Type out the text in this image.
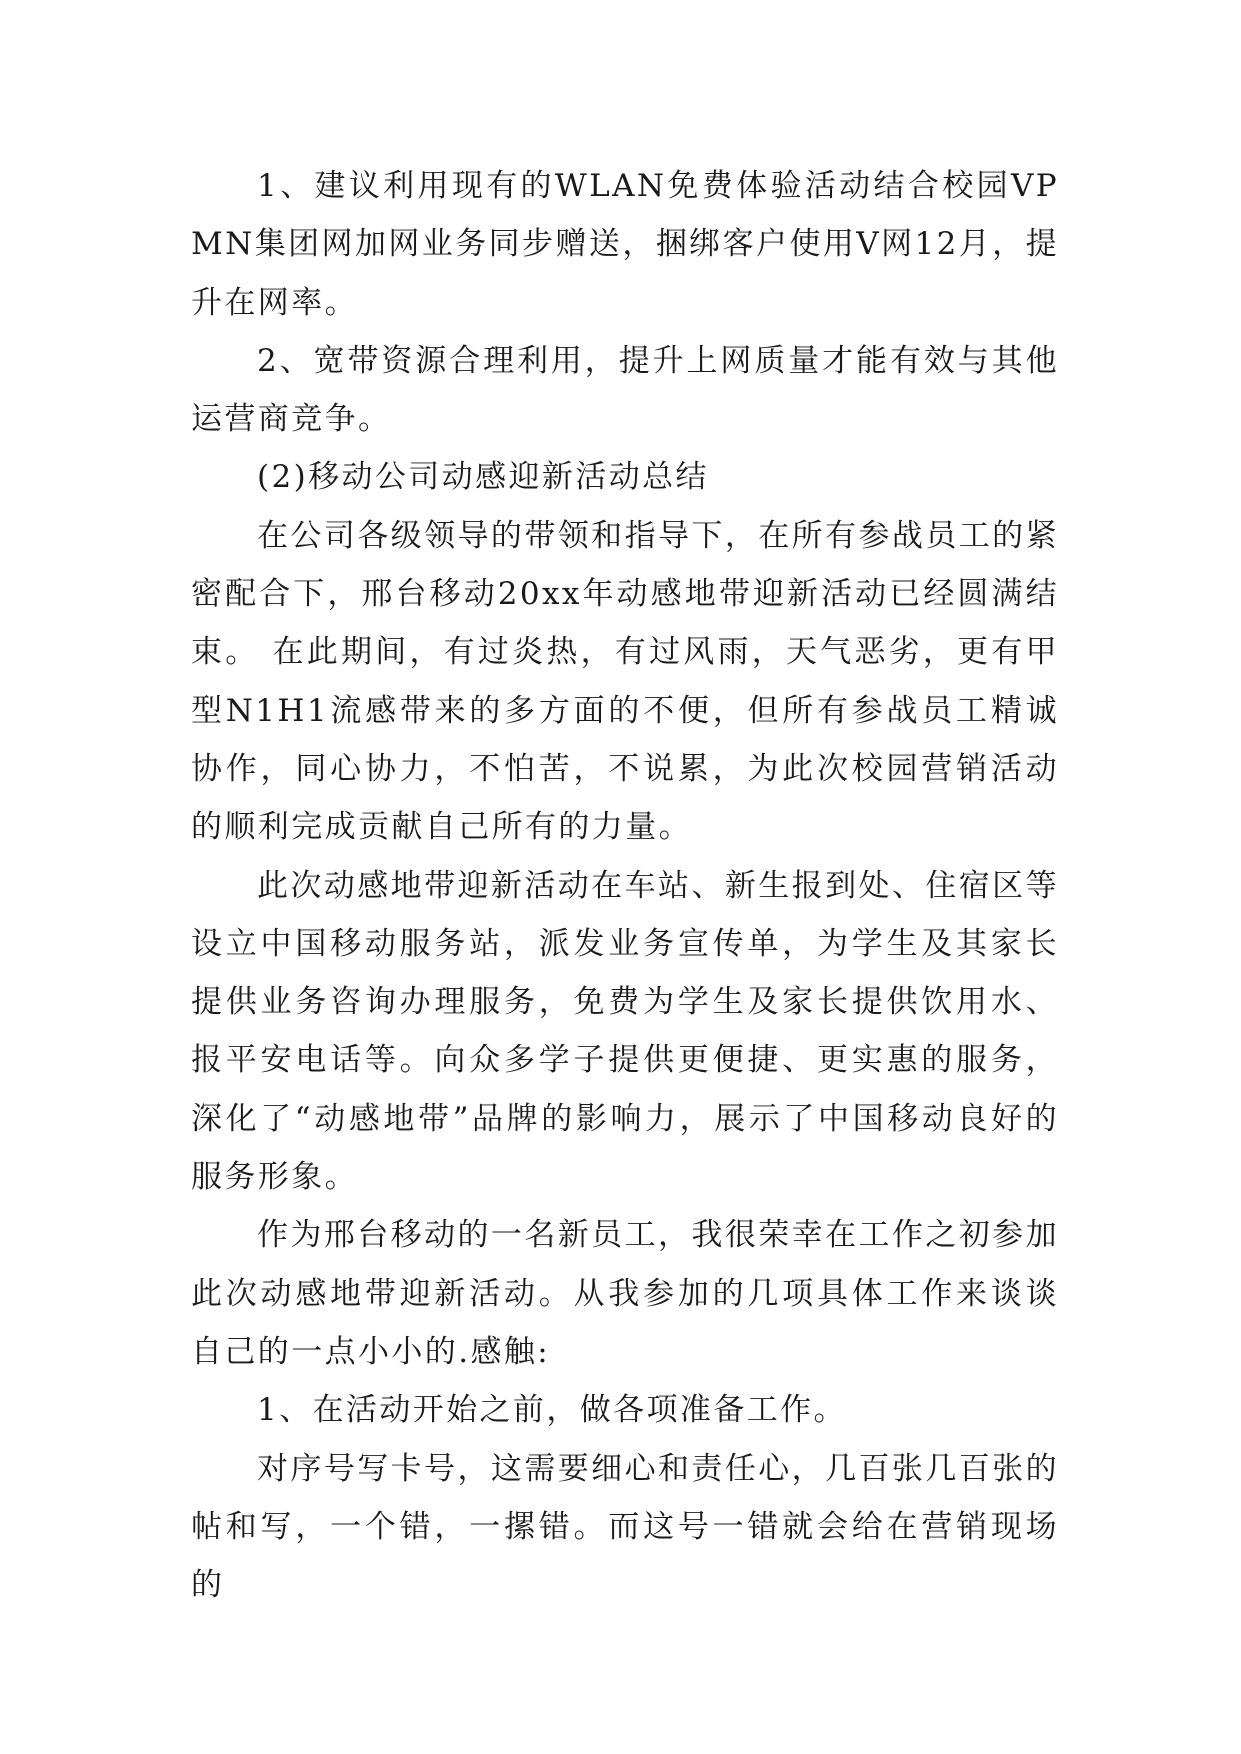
1、建议利用现有的WLAN免费体验活动结合校园VPMN集团网加网业务同步赠送，捆绑客户使用V网12月，提升在网率。

2、宽带资源合理利用，提升上网质量才能有效与其他运营商竞争。

(2)移动公司动感迎新活动总结

在公司各级领导的带领和指导下，在所有参战员工的紧密配合下，邢台移动20xx年动感地带迎新活动已经圆满结束。 在此期间，有过炎热，有过风雨，天气恶劣，更有甲型N1H1流感带来的多方面的不便，但所有参战员工精诚协作，同心协力，不怕苦，不说累，为此次校园营销活动的顺利完成贡献自己所有的力量。

此次动感地带迎新活动在车站、新生报到处、住宿区等设立中国移动服务站，派发业务宣传单，为学生及其家长提供业务咨询办理服务，免费为学生及家长提供饮用水、报平安电话等。向众多学子提供更便捷、更实惠的服务，深化了“动感地带”品牌的影响力，展示了中国移动良好的服务形象。

作为邢台移动的一名新员工，我很荣幸在工作之初参加此次动感地带迎新活动。从我参加的几项具体工作来谈谈自己的一点小小的.感触:

1、在活动开始之前，做各项准备工作。

对序号写卡号，这需要细心和责任心，几百张几百张的帖和写，一个错，一摞错。而这号一错就会给在营销现场的
